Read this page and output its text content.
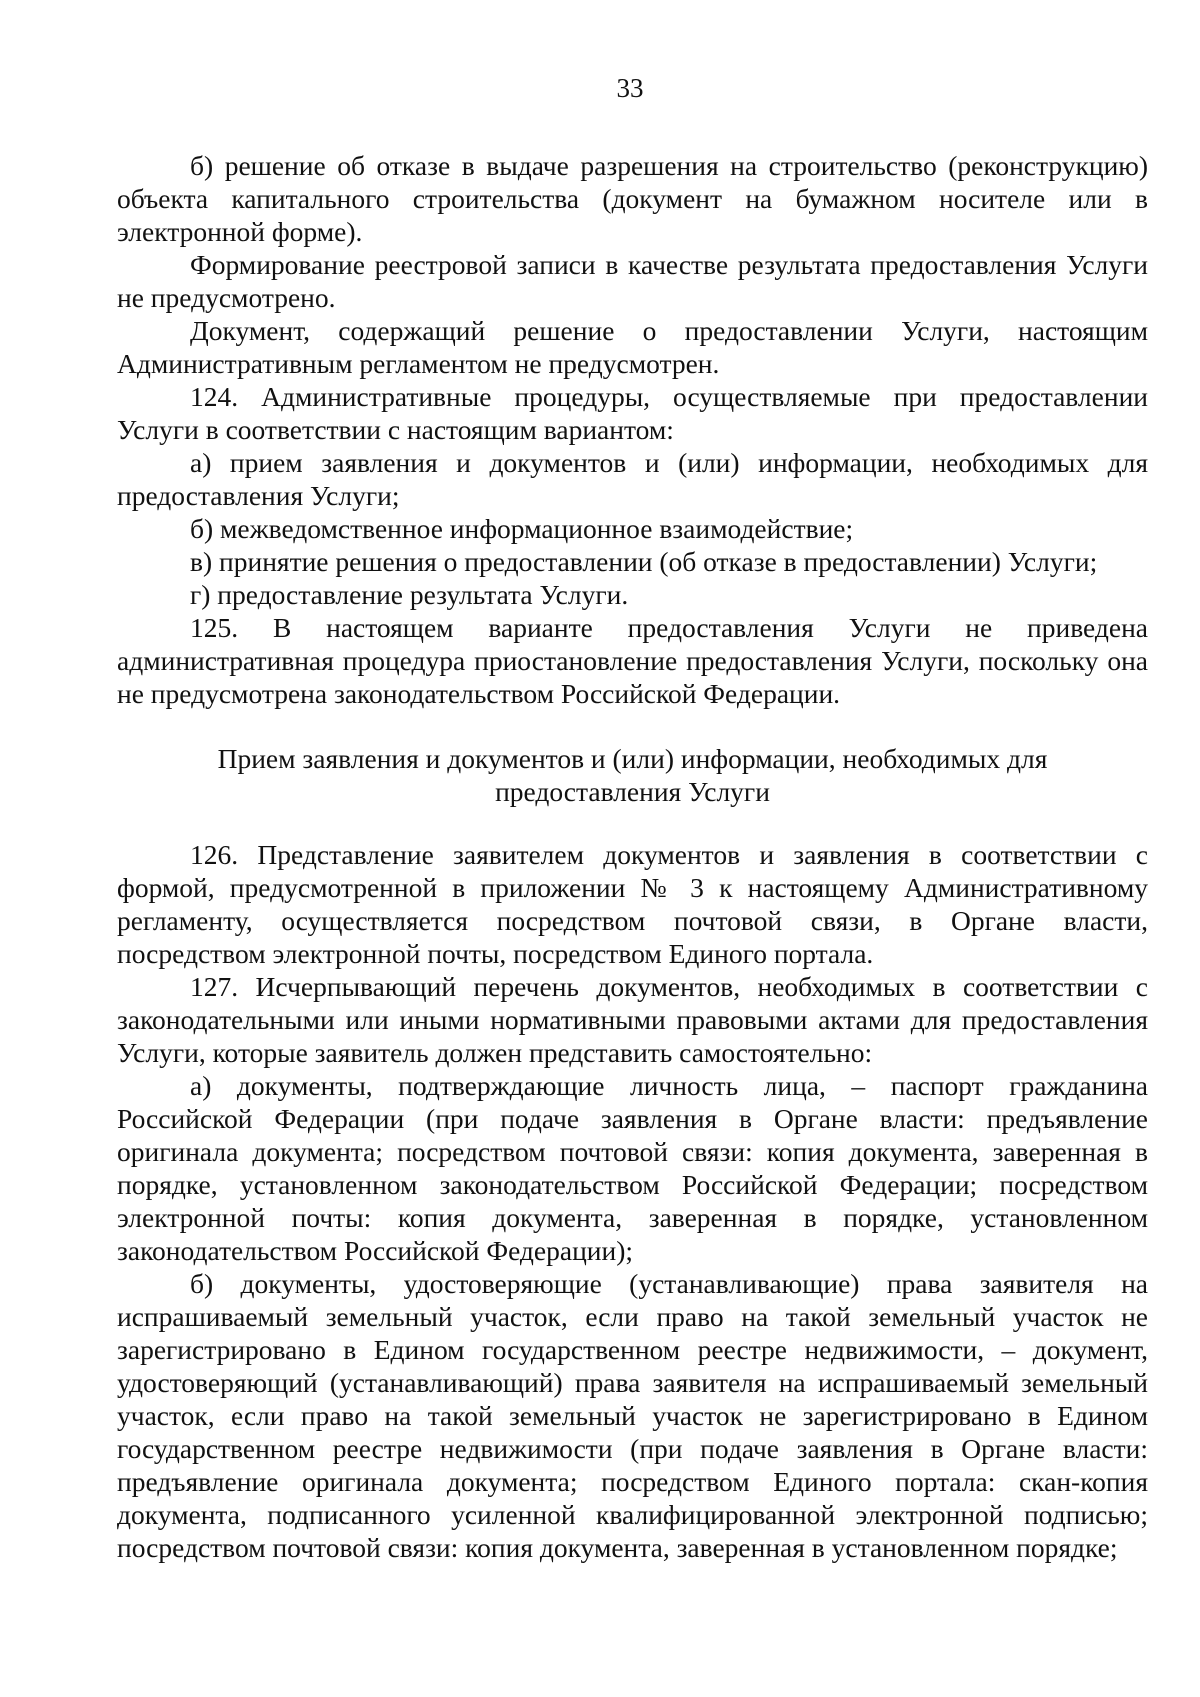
33

б) решение об отказе в выдаче разрешения на строительство (реконструкцию) объекта капитального строительства (документ на бумажном носителе или в электронной форме).

Формирование реестровой записи в качестве результата предоставления Услуги не предусмотрено.

Документ, содержащий решение о предоставлении Услуги, настоящим Административным регламентом не предусмотрен.

124. Административные процедуры, осуществляемые при предоставлении Услуги в соответствии с настоящим вариантом:

а) прием заявления и документов и (или) информации, необходимых для предоставления Услуги;

б) межведомственное информационное взаимодействие;

в) принятие решения о предоставлении (об отказе в предоставлении) Услуги;

г) предоставление результата Услуги.

125. В настоящем варианте предоставления Услуги не приведена административная процедура приостановление предоставления Услуги, поскольку она не предусмотрена законодательством Российской Федерации.

Прием заявления и документов и (или) информации, необходимых для
предоставления Услуги

126. Представление заявителем документов и заявления в соответствии с формой, предусмотренной в приложении № 3 к настоящему Административному регламенту, осуществляется посредством почтовой связи, в Органе власти, посредством электронной почты, посредством Единого портала.

127. Исчерпывающий перечень документов, необходимых в соответствии с законодательными или иными нормативными правовыми актами для предоставления Услуги, которые заявитель должен представить самостоятельно:

а) документы, подтверждающие личность лица, – паспорт гражданина Российской Федерации (при подаче заявления в Органе власти: предъявление оригинала документа; посредством почтовой связи: копия документа, заверенная в порядке, установленном законодательством Российской Федерации; посредством электронной почты: копия документа, заверенная в порядке, установленном законодательством Российской Федерации);

б) документы, удостоверяющие (устанавливающие) права заявителя на испрашиваемый земельный участок, если право на такой земельный участок не зарегистрировано в Едином государственном реестре недвижимости, – документ, удостоверяющий (устанавливающий) права заявителя на испрашиваемый земельный участок, если право на такой земельный участок не зарегистрировано в Едином государственном реестре недвижимости (при подаче заявления в Органе власти: предъявление оригинала документа; посредством Единого портала: скан-копия документа, подписанного усиленной квалифицированной электронной подписью; посредством почтовой связи: копия документа, заверенная в установленном порядке;
